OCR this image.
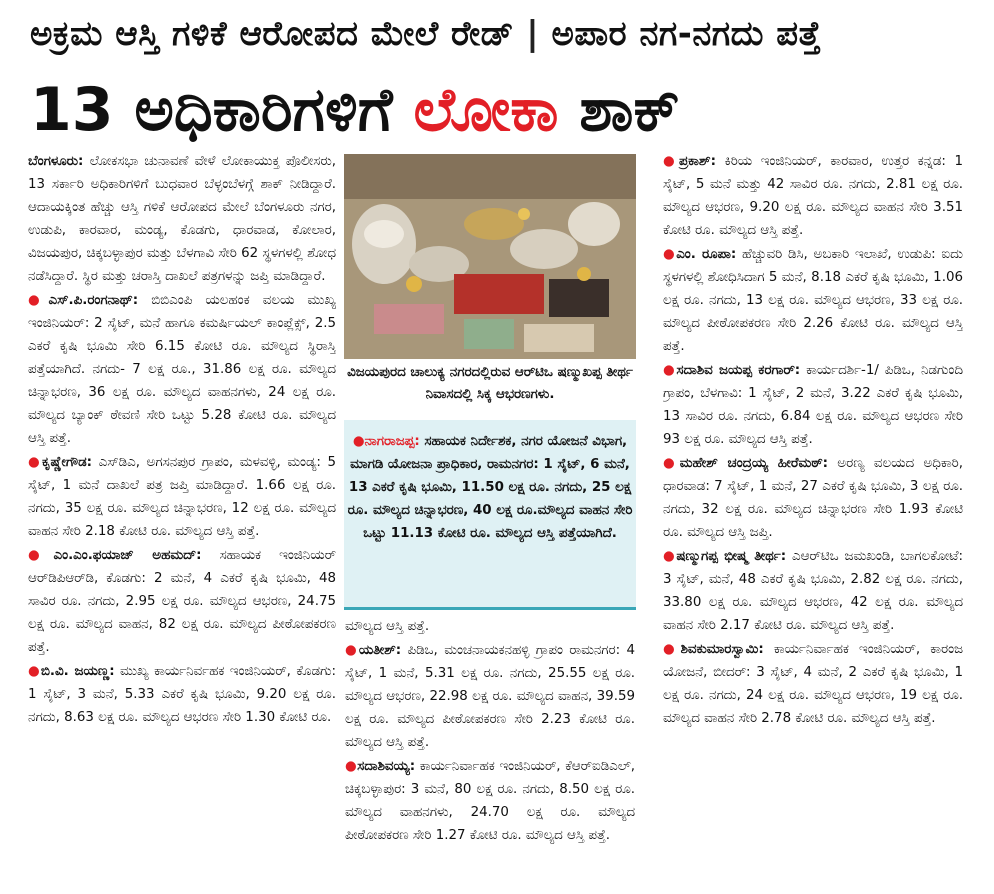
ಅಕ್ರಮ ಆಸ್ತಿ ಗಳಿಕೆ ಆರೋಪದ ಮೇಲೆ ರೇಡ್ | ಅಪಾರ ನಗ-ನಗದು ಪತ್ತೆ
13 ಅಧಿಕಾರಿಗಳಿಗೆ ಲೋಕಾ ಶಾಕ್

ಬೆಂಗಳೂರು: ಲೋಕಸಭಾ ಚುನಾವಣೆ ವೇಳೆ ಲೋಕಾಯುಕ್ತ ಪೊಲೀಸರು, 13 ಸರ್ಕಾರಿ ಅಧಿಕಾರಿಗಳಿಗೆ ಬುಧವಾರ ಬೆಳ್ಳಂಬೆಳಗ್ಗೆ ಶಾಕ್ ನೀಡಿದ್ದಾರೆ. ಆದಾಯಕ್ಕಿಂತ ಹೆಚ್ಚು ಆಸ್ತಿ ಗಳಿಕೆ ಆರೋಪದ ಮೇಲೆ ಬೆಂಗಳೂರು ನಗರ, ಉಡುಪಿ, ಕಾರವಾರ, ಮಂಡ್ಯ, ಕೊಡಗು, ಧಾರವಾಡ, ಕೋಲಾರ, ವಿಜಯಪುರ, ಚಿಕ್ಕಬಳ್ಳಾಪುರ ಮತ್ತು ಬೆಳಗಾವಿ ಸೇರಿ 62 ಸ್ಥಳಗಳಲ್ಲಿ ಶೋಧ ನಡೆಸಿದ್ದಾರೆ. ಸ್ಥಿರ ಮತ್ತು ಚರಾಸ್ತಿ ದಾಖಲೆ ಪತ್ರಗಳನ್ನು ಜಪ್ತಿ ಮಾಡಿದ್ದಾರೆ.

●ಎಸ್.ಪಿ.ರಂಗನಾಥ್: ಬಿಬಿಎಂಪಿ ಯಲಹಂಕ ವಲಯ ಮುಖ್ಯ ಇಂಜಿನಿಯರ್: 2 ಸೈಟ್, ಮನೆ ಹಾಗೂ ಕಮರ್ಷಿಯಲ್ ಕಾಂಪ್ಲೆಕ್ಸ್, 2.5 ಎಕರೆ ಕೃಷಿ ಭೂಮಿ ಸೇರಿ 6.15 ಕೋಟಿ ರೂ. ಮೌಲ್ಯದ ಸ್ಥಿರಾಸ್ತಿ ಪತ್ತೆಯಾಗಿದೆ. ನಗದು- 7 ಲಕ್ಷ ರೂ., 31.86 ಲಕ್ಷ ರೂ. ಮೌಲ್ಯದ ಚಿನ್ನಾಭರಣ, 36 ಲಕ್ಷ ರೂ. ಮೌಲ್ಯದ ವಾಹನಗಳು, 24 ಲಕ್ಷ ರೂ. ಮೌಲ್ಯದ ಬ್ಯಾಂಕ್ ಠೇವಣಿ ಸೇರಿ ಒಟ್ಟು 5.28 ಕೋಟಿ ರೂ. ಮೌಲ್ಯದ ಆಸ್ತಿ ಪತ್ತೆ.

●ಕೃಷ್ಣೇಗೌಡ: ಎಸ್‌ಡಿಎ, ಅಗಸನಪುರ ಗ್ರಾಪಂ, ಮಳವಳ್ಳಿ, ಮಂಡ್ಯ: 5 ಸೈಟ್, 1 ಮನೆ ದಾಖಲೆ ಪತ್ರ ಜಪ್ತಿ ಮಾಡಿದ್ದಾರೆ. 1.66 ಲಕ್ಷ ರೂ. ನಗದು, 35 ಲಕ್ಷ ರೂ. ಮೌಲ್ಯದ ಚಿನ್ನಾಭರಣ, 12 ಲಕ್ಷ ರೂ. ಮೌಲ್ಯದ ವಾಹನ ಸೇರಿ 2.18 ಕೋಟಿ ರೂ. ಮೌಲ್ಯದ ಆಸ್ತಿ ಪತ್ತೆ.

●ಎಂ.ಎಂ.ಫಯಾಜ್ ಅಹಮದ್: ಸಹಾಯಕ ಇಂಜಿನಿಯರ್ ಆರ್‌ಡಿಪಿಆರ್‌ಡಿ, ಕೊಡಗು: 2 ಮನೆ, 4 ಎಕರೆ ಕೃಷಿ ಭೂಮಿ, 48 ಸಾವಿರ ರೂ. ನಗದು, 2.95 ಲಕ್ಷ ರೂ. ಮೌಲ್ಯದ ಆಭರಣ, 24.75 ಲಕ್ಷ ರೂ. ಮೌಲ್ಯದ ವಾಹನ, 82 ಲಕ್ಷ ರೂ. ಮೌಲ್ಯದ ಪೀಠೋಪಕರಣ ಪತ್ತೆ.

●ಬಿ.ವಿ. ಜಯಣ್ಣ: ಮುಖ್ಯ ಕಾರ್ಯನಿರ್ವಹಕ ಇಂಜಿನಿಯರ್, ಕೊಡಗು: 1 ಸೈಟ್, 3 ಮನೆ, 5.33 ಎಕರೆ ಕೃಷಿ ಭೂಮಿ, 9.20 ಲಕ್ಷ ರೂ. ನಗದು, 8.63 ಲಕ್ಷ ರೂ. ಮೌಲ್ಯದ ಆಭರಣ ಸೇರಿ 1.30 ಕೋಟಿ ರೂ.

ವಿಜಯಪುರದ ಚಾಲುಕ್ಯ ನಗರದಲ್ಲಿರುವ ಆರ್‌ಟಿಒ ಷಣ್ಮುಖಪ್ಪ ತೀರ್ಥ ನಿವಾಸದಲ್ಲಿ ಸಿಕ್ಕ ಆಭರಣಗಳು.
●ನಾಗರಾಜಪ್ಪ: ಸಹಾಯಕ ನಿರ್ದೇಶಕ, ನಗರ ಯೋಜನೆ ವಿಭಾಗ, ಮಾಗಡಿ ಯೋಜನಾ ಪ್ರಾಧಿಕಾರ, ರಾಮನಗರ: 1 ಸೈಟ್, 6 ಮನೆ, 13 ಎಕರೆ ಕೃಷಿ ಭೂಮಿ, 11.50 ಲಕ್ಷ ರೂ. ನಗದು, 25 ಲಕ್ಷ ರೂ. ಮೌಲ್ಯದ ಚಿನ್ನಾಭರಣ, 40 ಲಕ್ಷ ರೂ.ಮೌಲ್ಯದ ವಾಹನ ಸೇರಿ ಒಟ್ಟು 11.13 ಕೋಟಿ ರೂ. ಮೌಲ್ಯದ ಆಸ್ತಿ ಪತ್ತೆಯಾಗಿದೆ.

ಮೌಲ್ಯದ ಆಸ್ತಿ ಪತ್ತೆ.

●ಯತೀಶ್: ಪಿಡಿಒ, ಮಂಚನಾಯಕನಹಳ್ಳಿ ಗ್ರಾಪಂ ರಾಮನಗರ: 4 ಸೈಟ್, 1 ಮನೆ, 5.31 ಲಕ್ಷ ರೂ. ನಗದು, 25.55 ಲಕ್ಷ ರೂ. ಮೌಲ್ಯದ ಆಭರಣ, 22.98 ಲಕ್ಷ ರೂ. ಮೌಲ್ಯದ ವಾಹನ, 39.59 ಲಕ್ಷ ರೂ. ಮೌಲ್ಯದ ಪೀಠೋಪಕರಣ ಸೇರಿ 2.23 ಕೋಟಿ ರೂ. ಮೌಲ್ಯದ ಆಸ್ತಿ ಪತ್ತೆ.

●ಸದಾಶಿವಯ್ಯ: ಕಾರ್ಯನಿರ್ವಾಹಕ ಇಂಜಿನಿಯರ್, ಕೆಆರ್‌ಐಡಿಎಲ್, ಚಿಕ್ಕಬಳ್ಳಾಪುರ: 3 ಮನೆ, 80 ಲಕ್ಷ ರೂ. ನಗದು, 8.50 ಲಕ್ಷ ರೂ. ಮೌಲ್ಯದ ವಾಹನಗಳು, 24.70 ಲಕ್ಷ ರೂ. ಮೌಲ್ಯದ ಪೀಠೋಪಕರಣ ಸೇರಿ 1.27 ಕೋಟಿ ರೂ. ಮೌಲ್ಯದ ಆಸ್ತಿ ಪತ್ತೆ.

●ಪ್ರಕಾಶ್: ಕಿರಿಯ ಇಂಜಿನಿಯರ್, ಕಾರವಾರ, ಉತ್ತರ ಕನ್ನಡ: 1 ಸೈಟ್, 5 ಮನೆ ಮತ್ತು 42 ಸಾವಿರ ರೂ. ನಗದು, 2.81 ಲಕ್ಷ ರೂ. ಮೌಲ್ಯದ ಆಭರಣ, 9.20 ಲಕ್ಷ ರೂ. ಮೌಲ್ಯದ ವಾಹನ ಸೇರಿ 3.51 ಕೋಟಿ ರೂ. ಮೌಲ್ಯದ ಆಸ್ತಿ ಪತ್ತೆ.

●ಎಂ. ರೂಪಾ: ಹೆಚ್ಚುವರಿ ಡಿಸಿ, ಅಬಕಾರಿ ಇಲಾಖೆ, ಉಡುಪಿ: ಐದು ಸ್ಥಳಗಳಲ್ಲಿ ಶೋಧಿಸಿದಾಗ 5 ಮನೆ, 8.18 ಎಕರೆ ಕೃಷಿ ಭೂಮಿ, 1.06 ಲಕ್ಷ ರೂ. ನಗದು, 13 ಲಕ್ಷ ರೂ. ಮೌಲ್ಯದ ಆಭರಣ, 33 ಲಕ್ಷ ರೂ. ಮೌಲ್ಯದ ಪೀಠೋಪಕರಣ ಸೇರಿ 2.26 ಕೋಟಿ ರೂ. ಮೌಲ್ಯದ ಆಸ್ತಿ ಪತ್ತೆ.

●ಸದಾಶಿವ ಜಯಪ್ಪ ಕರಗಾರ್: ಕಾರ್ಯದರ್ಶಿ-1/ ಪಿಡಿಒ, ನಿಡಗುಂದಿ ಗ್ರಾಪಂ, ಬೆಳಗಾವಿ: 1 ಸೈಟ್, 2 ಮನೆ, 3.22 ಎಕರೆ ಕೃಷಿ ಭೂಮಿ, 13 ಸಾವಿರ ರೂ. ನಗದು, 6.84 ಲಕ್ಷ ರೂ. ಮೌಲ್ಯದ ಆಭರಣ ಸೇರಿ 93 ಲಕ್ಷ ರೂ. ಮೌಲ್ಯದ ಆಸ್ತಿ ಪತ್ತೆ.

●ಮಹೇಶ್ ಚಂದ್ರಯ್ಯ ಹೀರೆಮಠ್: ಅರಣ್ಯ ವಲಯದ ಅಧಿಕಾರಿ, ಧಾರವಾಡ: 7 ಸೈಟ್, 1 ಮನೆ, 27 ಎಕರೆ ಕೃಷಿ ಭೂಮಿ, 3 ಲಕ್ಷ ರೂ. ನಗದು, 32 ಲಕ್ಷ ರೂ. ಮೌಲ್ಯದ ಚಿನ್ನಾಭರಣ ಸೇರಿ 1.93 ಕೋಟಿ ರೂ. ಮೌಲ್ಯದ ಆಸ್ತಿ ಜಪ್ತಿ.

●ಷಣ್ಮುಗಪ್ಪ ಭೀಷ್ಮ ತೀರ್ಥ: ಎಆರ್‌ಟಿಒ ಜಮಖಂಡಿ, ಬಾಗಲಕೋಟೆ: 3 ಸೈಟ್, ಮನೆ, 48 ಎಕರೆ ಕೃಷಿ ಭೂಮಿ, 2.82 ಲಕ್ಷ ರೂ. ನಗದು, 33.80 ಲಕ್ಷ ರೂ. ಮೌಲ್ಯದ ಆಭರಣ, 42 ಲಕ್ಷ ರೂ. ಮೌಲ್ಯದ ವಾಹನ ಸೇರಿ 2.17 ಕೋಟಿ ರೂ. ಮೌಲ್ಯದ ಆಸ್ತಿ ಪತ್ತೆ.

●ಶಿವಕುಮಾರಸ್ವಾಮಿ: ಕಾರ್ಯನಿರ್ವಾಹಕ ಇಂಜಿನಿಯರ್, ಕಾರಂಜ ಯೋಜನೆ, ಬೀದರ್: 3 ಸೈಟ್, 4 ಮನೆ, 2 ಎಕರೆ ಕೃಷಿ ಭೂಮಿ, 1 ಲಕ್ಷ ರೂ. ನಗದು, 24 ಲಕ್ಷ ರೂ. ಮೌಲ್ಯದ ಆಭರಣ, 19 ಲಕ್ಷ ರೂ. ಮೌಲ್ಯದ ವಾಹನ ಸೇರಿ 2.78 ಕೋಟಿ ರೂ. ಮೌಲ್ಯದ ಆಸ್ತಿ ಪತ್ತೆ.
